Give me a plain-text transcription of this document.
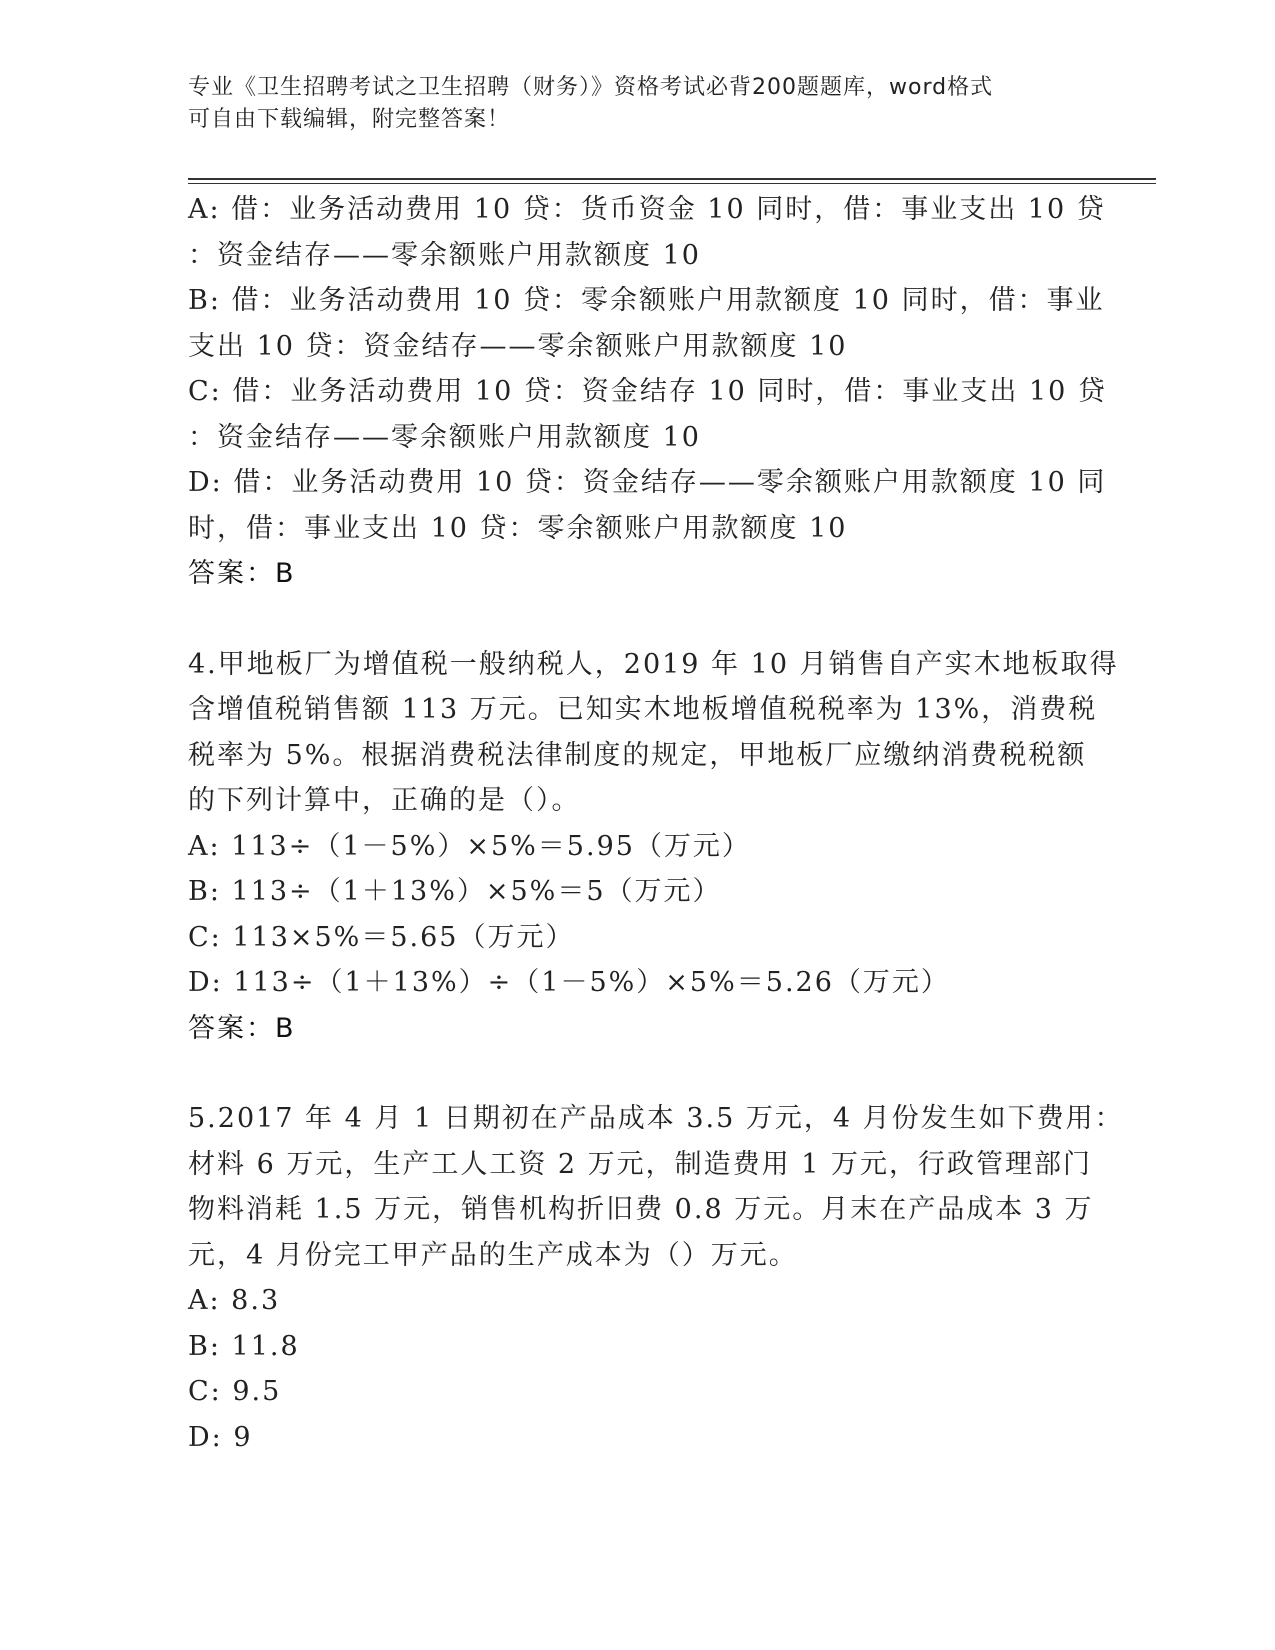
专业《卫生招聘考试之卫生招聘（财务）》资格考试必背200题题库，word格式
可自由下载编辑，附完整答案！
A: 借：业务活动费用 10 贷：货币资金 10 同时，借：事业支出 10 贷
：资金结存——零余额账户用款额度 10
B: 借：业务活动费用 10 贷：零余额账户用款额度 10 同时，借：事业
支出 10 贷：资金结存——零余额账户用款额度 10
C: 借：业务活动费用 10 贷：资金结存 10 同时，借：事业支出 10 贷
：资金结存——零余额账户用款额度 10
D: 借：业务活动费用 10 贷：资金结存——零余额账户用款额度 10 同
时，借：事业支出 10 贷：零余额账户用款额度 10
答案：B
4.甲地板厂为增值税一般纳税人，2019 年 10 月销售自产实木地板取得
含增值税销售额 113 万元。已知实木地板增值税税率为 13%，消费税
税率为 5%。根据消费税法律制度的规定，甲地板厂应缴纳消费税税额
的下列计算中，正确的是（）。
A: 113÷（1－5%）×5%＝5.95（万元）
B: 113÷（1＋13%）×5%＝5（万元）
C: 113×5%＝5.65（万元）
D: 113÷（1＋13%）÷（1－5%）×5%＝5.26（万元）
答案：B
5.2017 年 4 月 1 日期初在产品成本 3.5 万元，4 月份发生如下费用：
材料 6 万元，生产工人工资 2 万元，制造费用 1 万元，行政管理部门
物料消耗 1.5 万元，销售机构折旧费 0.8 万元。月末在产品成本 3 万
元，4 月份完工甲产品的生产成本为（）万元。
A: 8.3
B: 11.8
C: 9.5
D: 9
